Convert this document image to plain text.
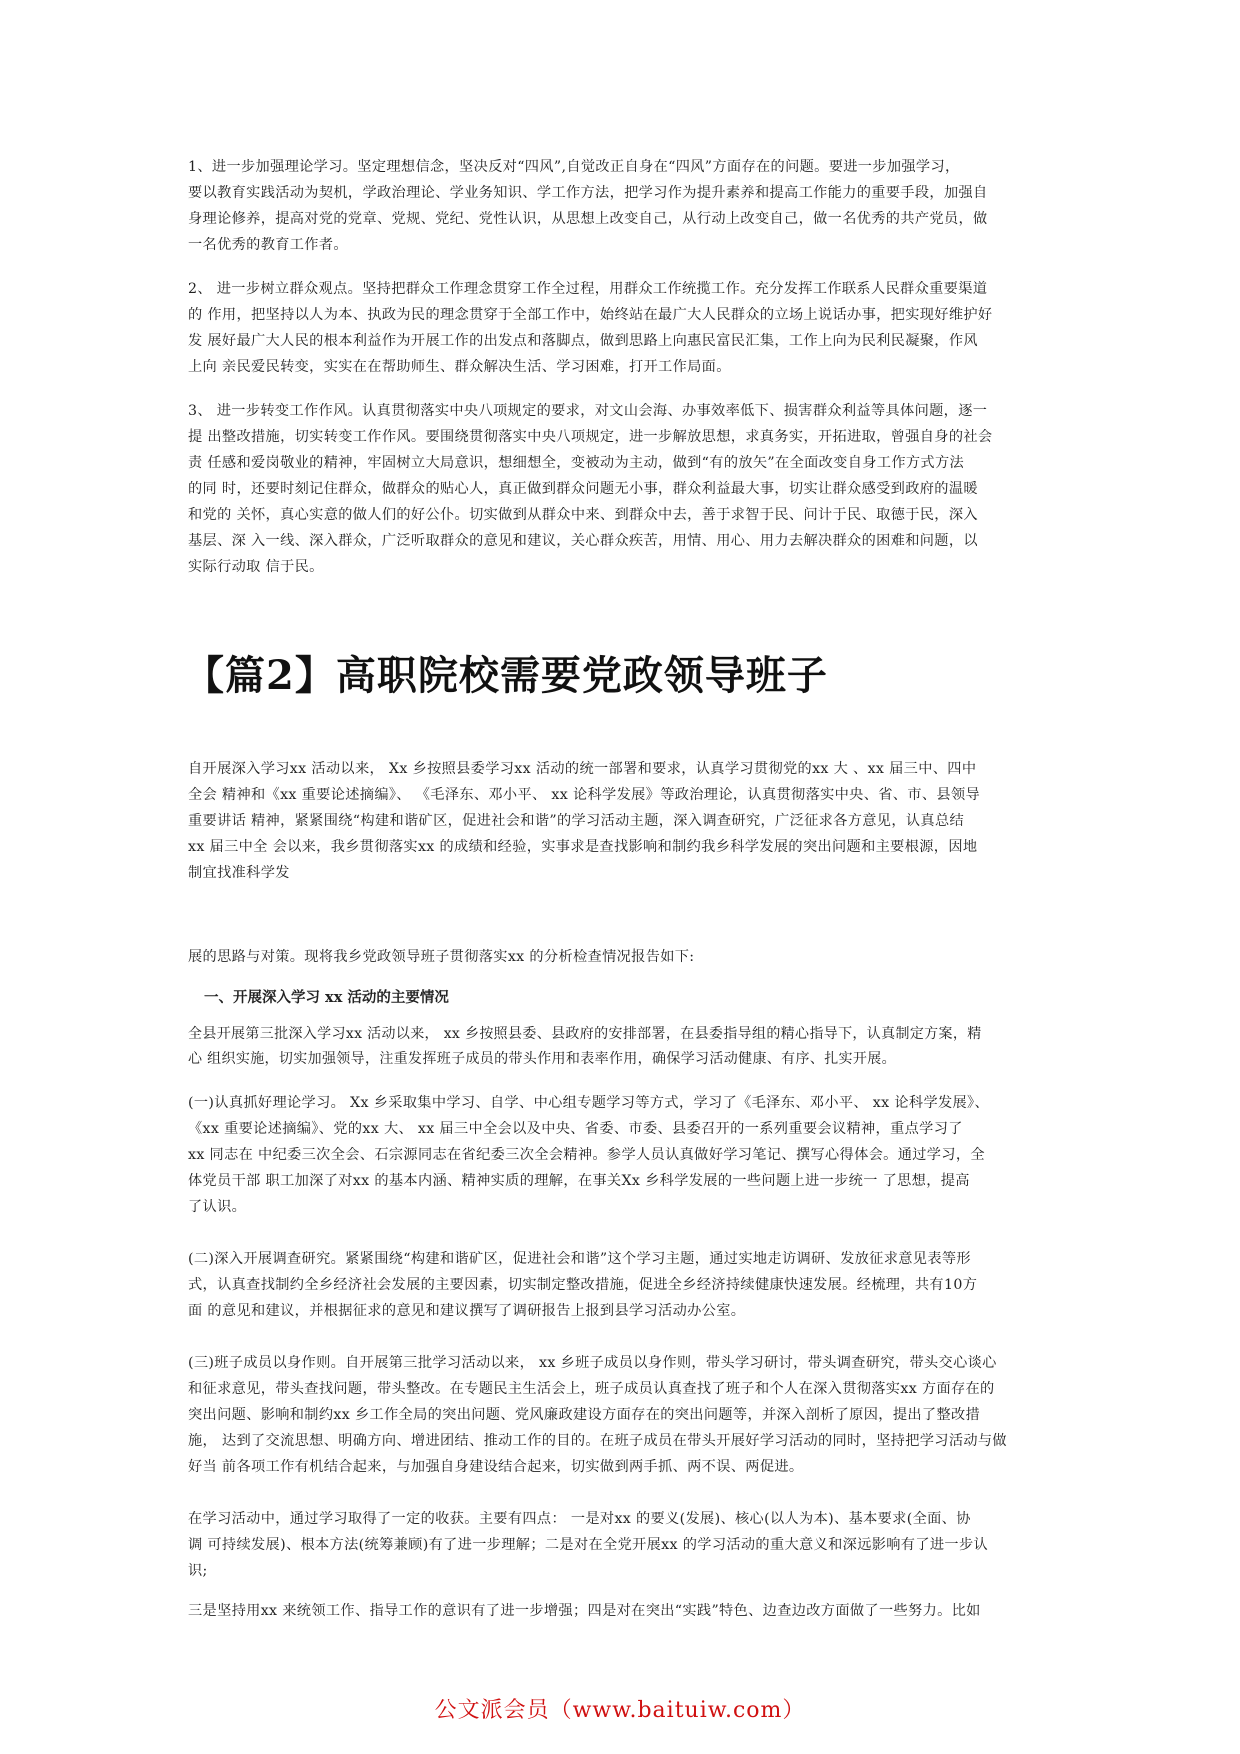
1、进一步加强理论学习。坚定理想信念，坚决反对“四风”,自觉改正自身在“四风”方面存在的问题。要进一步加强学习，
要以教育实践活动为契机，学政治理论、学业务知识、学工作方法，把学习作为提升素养和提高工作能力的重要手段，加强自
身理论修养，提高对党的党章、党规、党纪、党性认识，从思想上改变自己，从行动上改变自己，做一名优秀的共产党员，做
一名优秀的教育工作者。
2、 进一步树立群众观点。坚持把群众工作理念贯穿工作全过程，用群众工作统揽工作。充分发挥工作联系人民群众重要渠道
的 作用，把坚持以人为本、执政为民的理念贯穿于全部工作中，始终站在最广大人民群众的立场上说话办事，把实现好维护好
发 展好最广大人民的根本利益作为开展工作的出发点和落脚点，做到思路上向惠民富民汇集，工作上向为民利民凝聚，作风
上向 亲民爱民转变，实实在在帮助师生、群众解决生活、学习困难，打开工作局面。
3、 进一步转变工作作风。认真贯彻落实中央八项规定的要求，对文山会海、办事效率低下、损害群众利益等具体问题，逐一
提 出整改措施，切实转变工作作风。要围绕贯彻落实中央八项规定，进一步解放思想，求真务实，开拓进取，曾强自身的社会
责 任感和爱岗敬业的精神，牢固树立大局意识，想细想全，变被动为主动，做到“有的放矢”在全面改变自身工作方式方法
的同 时，还要时刻记住群众，做群众的贴心人，真正做到群众问题无小事，群众利益最大事，切实让群众感受到政府的温暖
和党的 关怀，真心实意的做人们的好公仆。切实做到从群众中来、到群众中去，善于求智于民、问计于民、取德于民，深入
基层、深 入一线、深入群众，广泛听取群众的意见和建议，关心群众疾苦，用情、用心、用力去解决群众的困难和问题，以
实际行动取 信于民。
【篇2】高职院校需要党政领导班子
自开展深入学习xx 活动以来， Xx 乡按照县委学习xx 活动的统一部署和要求，认真学习贯彻党的xx 大 、xx 届三中、四中
全会 精神和《xx 重要论述摘编》、 《毛泽东、邓小平、 xx 论科学发展》等政治理论，认真贯彻落实中央、省、市、县领导
重要讲话 精神，紧紧围绕“构建和谐矿区，促进社会和谐”的学习活动主题，深入调查研究，广泛征求各方意见，认真总结
xx 届三中全 会以来，我乡贯彻落实xx 的成绩和经验，实事求是查找影响和制约我乡科学发展的突出问题和主要根源，因地
制宜找准科学发
展的思路与对策。现将我乡党政领导班子贯彻落实xx 的分析检查情况报告如下:
一、开展深入学习 xx 活动的主要情况
全县开展第三批深入学习xx 活动以来， xx 乡按照县委、县政府的安排部署，在县委指导组的精心指导下，认真制定方案，精
心 组织实施，切实加强领导，注重发挥班子成员的带头作用和表率作用，确保学习活动健康、有序、扎实开展。
(一)认真抓好理论学习。 Xx 乡采取集中学习、自学、中心组专题学习等方式，学习了《毛泽东、邓小平、 xx 论科学发展》、
《xx 重要论述摘编》、党的xx 大、 xx 届三中全会以及中央、省委、市委、县委召开的一系列重要会议精神，重点学习了
xx 同志在 中纪委三次全会、石宗源同志在省纪委三次全会精神。参学人员认真做好学习笔记、撰写心得体会。通过学习，全
体党员干部 职工加深了对xx 的基本内涵、精神实质的理解，在事关Xx 乡科学发展的一些问题上进一步统一 了思想，提高
了认识。
(二)深入开展调查研究。紧紧围绕“构建和谐矿区，促进社会和谐”这个学习主题，通过实地走访调研、发放征求意见表等形
式，认真查找制约全乡经济社会发展的主要因素，切实制定整改措施，促进全乡经济持续健康快速发展。经梳理，共有10方
面 的意见和建议，并根据征求的意见和建议撰写了调研报告上报到县学习活动办公室。
(三)班子成员以身作则。自开展第三批学习活动以来， xx 乡班子成员以身作则，带头学习研讨，带头调查研究，带头交心谈心
和征求意见，带头查找问题，带头整改。在专题民主生活会上，班子成员认真查找了班子和个人在深入贯彻落实xx 方面存在的
突出问题、影响和制约xx 乡工作全局的突出问题、党风廉政建设方面存在的突出问题等，并深入剖析了原因，提出了整改措
施， 达到了交流思想、明确方向、增进团结、推动工作的目的。在班子成员在带头开展好学习活动的同时，坚持把学习活动与做
好当 前各项工作有机结合起来，与加强自身建设结合起来，切实做到两手抓、两不误、两促进。
在学习活动中，通过学习取得了一定的收获。主要有四点： 一是对xx 的要义(发展)、核心(以人为本)、基本要求(全面、协
调 可持续发展)、根本方法(统筹兼顾)有了进一步理解；二是对在全党开展xx 的学习活动的重大意义和深远影响有了进一步认
识;
三是坚持用xx 来统领工作、指导工作的意识有了进一步增强；四是对在突出“实践”特色、边查边改方面做了一些努力。比如
公文派会员（www.baituiw.com）
